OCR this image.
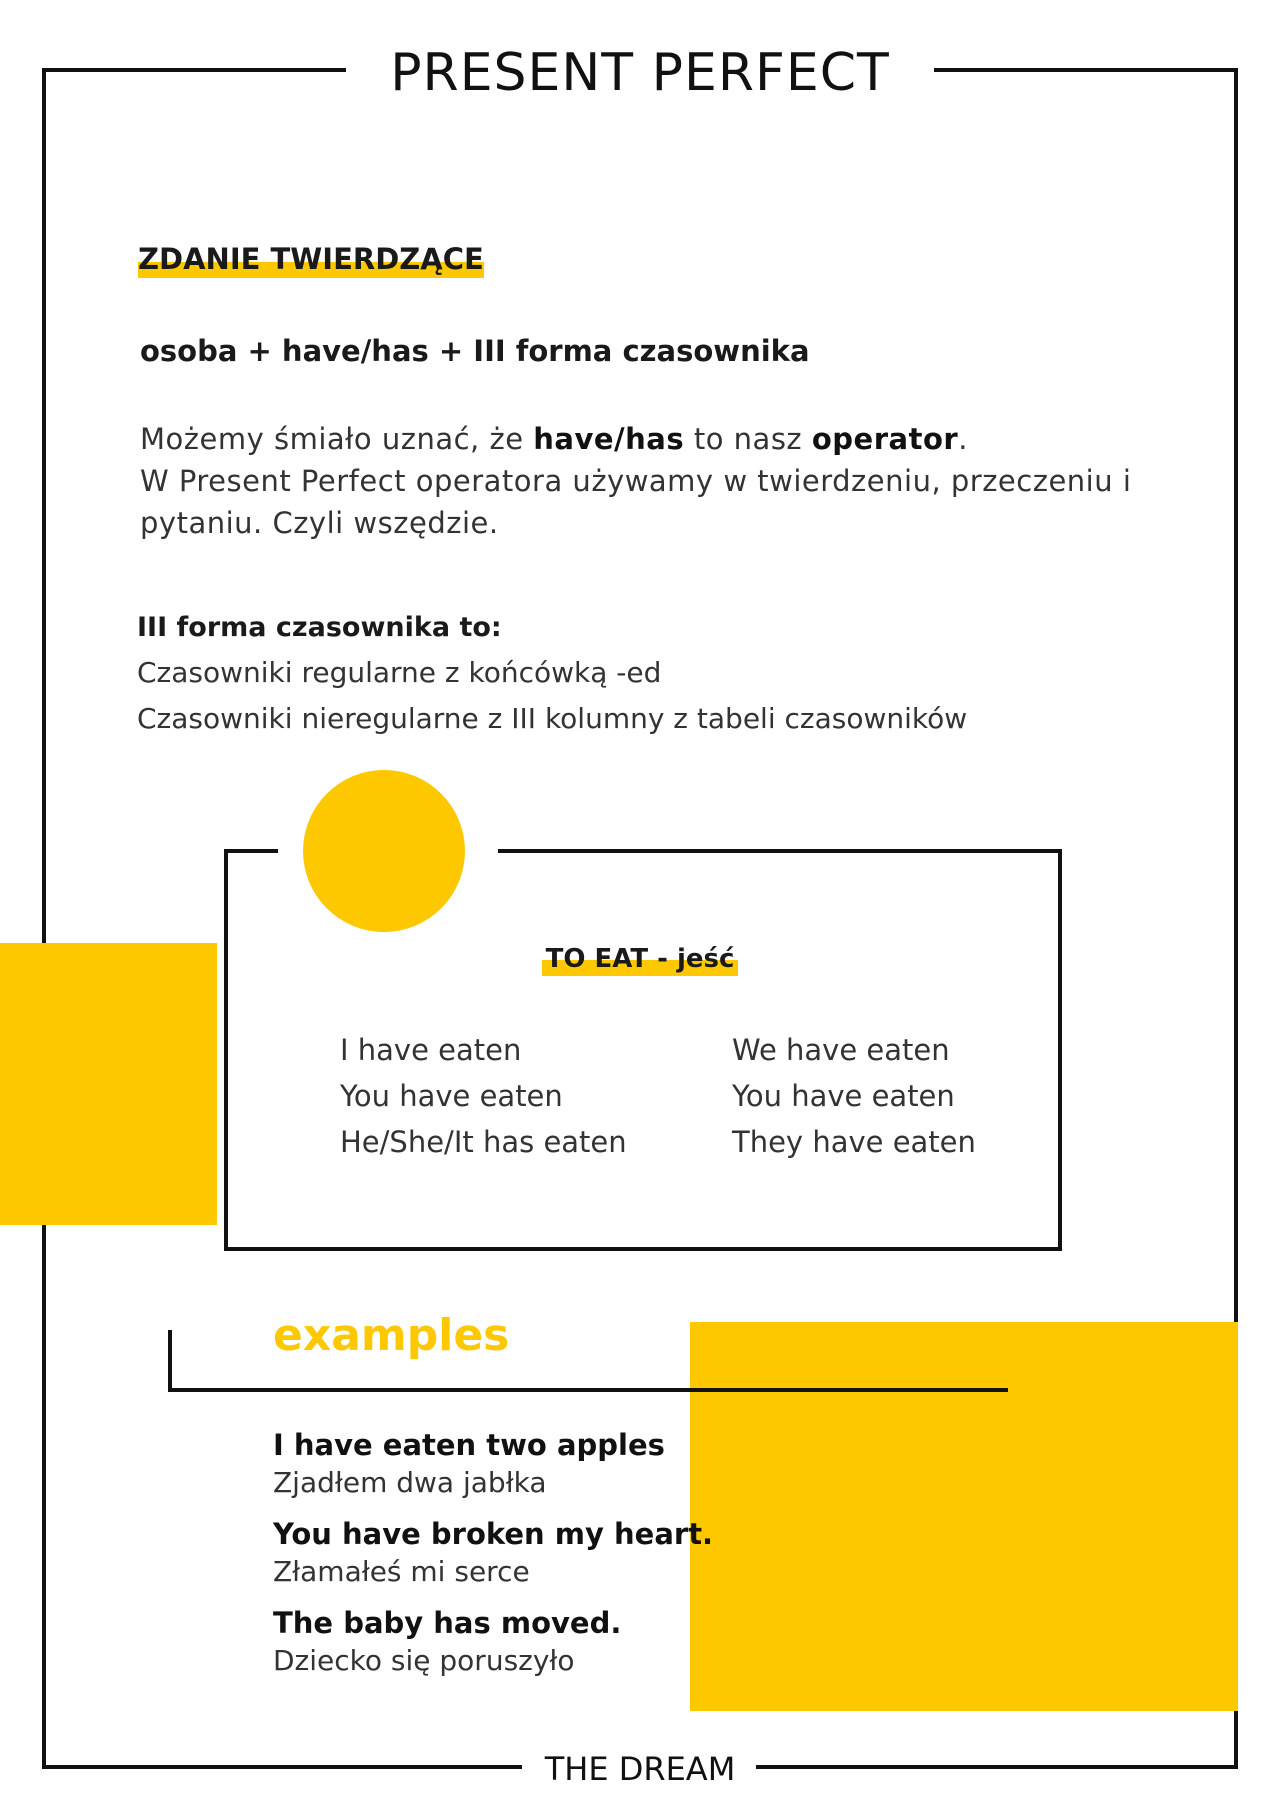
PRESENT PERFECT
THE DREAM
ZDANIE TWIERDZĄCE
osoba + have/has + III forma czasownika
Możemy śmiało uznać, że have/has to nasz operator.
W Present Perfect operatora używamy w twierdzeniu, przeczeniu i pytaniu. Czyli wszędzie.
III forma czasownika to:
Czasowniki regularne z końcówką -ed
Czasowniki nieregularne z III kolumny z tabeli czasowników
TO EAT - jeść
I have eaten
You have eaten
He/She/It has eaten
We have eaten
You have eaten
They have eaten
examples
I have eaten two apples
Zjadłem dwa jabłka
You have broken my heart.
Złamałeś mi serce
The baby has moved.
Dziecko się poruszyło
